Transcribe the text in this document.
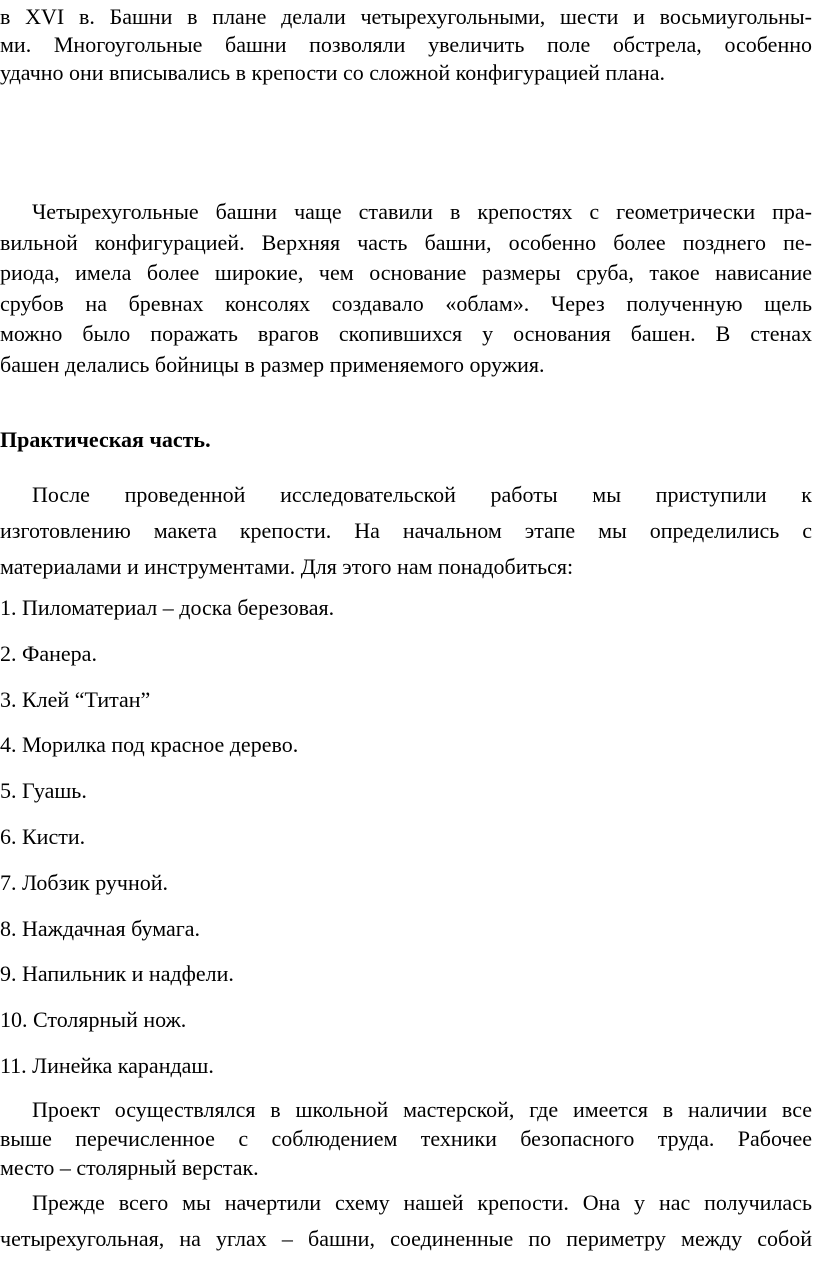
в XVI в. Башни в плане делали четырехугольными, шести и восьмиугольны-
ми. Многоугольные башни позволяли увеличить поле обстрела, особенно
удачно они вписывались в крепости со сложной конфигурацией плана.
Четырехугольные башни чаще ставили в крепостях с геометрически пра-
вильной конфигурацией. Верхняя часть башни, особенно более позднего пе-
риода, имела более широкие, чем основание размеры сруба, такое нависание
срубов на бревнах консолях создавало «облам». Через полученную щель
можно было поражать врагов скопившихся у основания башен. В стенах
башен делались бойницы в размер применяемого оружия.
Практическая часть.
После проведенной исследовательской работы мы приступили к
изготовлению макета крепости. На начальном этапе мы определились с
материалами и инструментами. Для этого нам понадобиться:
1. Пиломатериал – доска березовая.
2. Фанера.
3. Клей “Титан”
4. Морилка под красное дерево.
5. Гуашь.
6. Кисти.
7. Лобзик ручной.
8. Наждачная бумага.
9. Напильник и надфели.
10. Столярный нож.
11. Линейка карандаш.
Проект осуществлялся в школьной мастерской, где имеется в наличии все
выше перечисленное с соблюдением техники безопасного труда. Рабочее
место – столярный верстак.
Прежде всего мы начертили схему нашей крепости. Она у нас получилась
четырехугольная, на углах – башни, соединенные по периметру между собой
